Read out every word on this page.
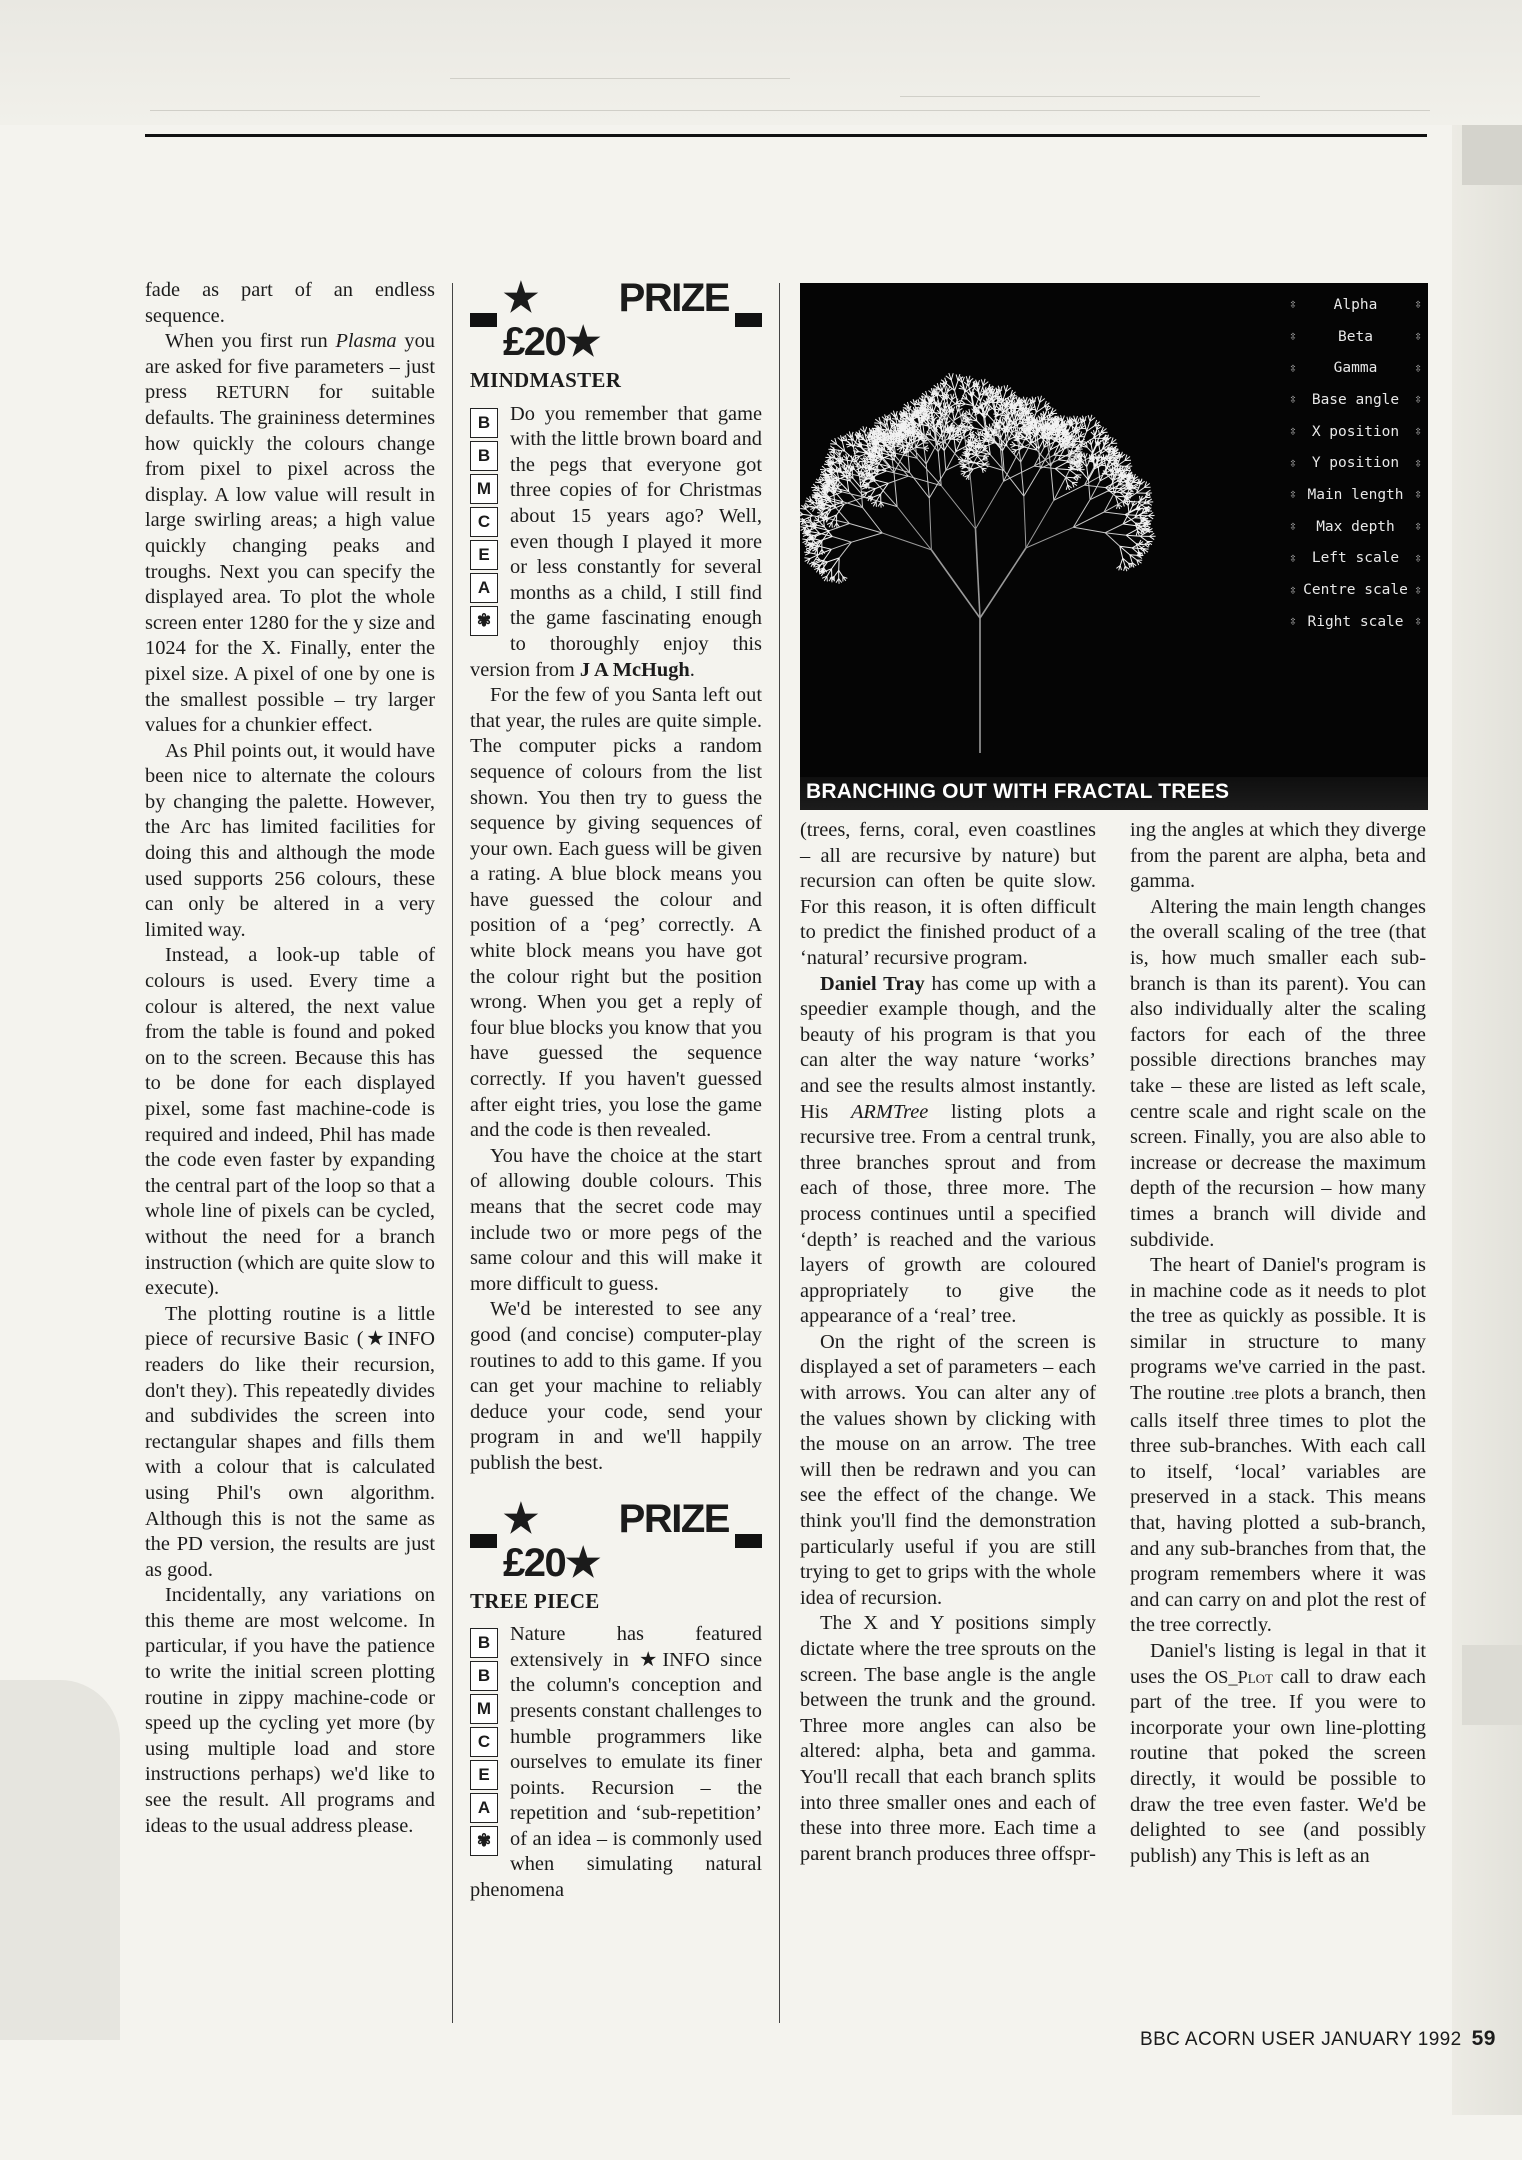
fade as part of an endless sequence.

When you first run Plasma you are asked for five parameters – just press RETURN for suitable defaults. The graininess determines how quickly the colours change from pixel to pixel across the display. A low value will result in large swirling areas; a high value quickly changing peaks and troughs. Next you can specify the displayed area. To plot the whole screen enter 1280 for the y size and 1024 for the X. Finally, enter the pixel size. A pixel of one by one is the smallest possible – try larger values for a chunkier effect.

As Phil points out, it would have been nice to alternate the colours by changing the palette. However, the Arc has limited facilities for doing this and although the mode used supports 256 colours, these can only be altered in a very limited way.

Instead, a look-up table of colours is used. Every time a colour is altered, the next value from the table is found and poked on to the screen. Because this has to be done for each displayed pixel, some fast machine-code is required and indeed, Phil has made the code even faster by expanding the central part of the loop so that a whole line of pixels can be cycled, without the need for a branch instruction (which are quite slow to execute).

The plotting routine is a little piece of recursive Basic (★INFO readers do like their recursion, don't they). This repeatedly divides and subdivides the screen into rectangular shapes and fills them with a colour that is calculated using Phil's own algorithm. Although this is not the same as the PD version, the results are just as good.

Incidentally, any variations on this theme are most welcome. In particular, if you have the patience to write the initial screen plotting routine in zippy machine-code or speed up the cycling yet more (by using multiple load and store instructions perhaps) we'd like to see the result. All programs and ideas to the usual address please.

★PRIZE £20★
MINDMASTER
B
B
M
C
E
A
✾

Do you remember that game with the little brown board and the pegs that everyone got three copies of for Christmas about 15 years ago? Well, even though I played it more or less constantly for several months as a child, I still find the game fascinating enough to thoroughly enjoy this version from J A McHugh.

For the few of you Santa left out that year, the rules are quite simple. The computer picks a random sequence of colours from the list shown. You then try to guess the sequence by giving sequences of your own. Each guess will be given a rating. A blue block means you have guessed the colour and position of a ‘peg’ correctly. A white block means you have got the colour right but the position wrong. When you get a reply of four blue blocks you know that you have guessed the sequence correctly. If you haven't guessed after eight tries, you lose the game and the code is then revealed.

You have the choice at the start of allowing double colours. This means that the secret code may include two or more pegs of the same colour and this will make it more difficult to guess.

We'd be interested to see any good (and concise) computer-play routines to add to this game. If you can get your machine to reliably deduce your code, send your program in and we'll happily publish the best.

★PRIZE £20★
TREE PIECE
B
B
M
C
E
A
✾

Nature has featured extensively in ★INFO since the column's conception and presents constant challenges to humble programmers like ourselves to emulate its finer points. Recursion – the repetition and ‘sub-repetition’ of an idea – is commonly used when simulating natural phenomena

⇳	Alpha	⇳
⇳	Beta	⇳
⇳	Gamma	⇳
⇳ Base angle ⇳
⇳ X position ⇳
⇳ Y position ⇳
⇳ Main length ⇳
⇳ Max depth ⇳
⇳ Left scale ⇳
⇳ Centre scale ⇳
⇳ Right scale ⇳
BRANCHING OUT WITH FRACTAL TREES

(trees, ferns, coral, even coastlines – all are recursive by nature) but recursion can often be quite slow. For this reason, it is often difficult to predict the finished product of a ‘natural’ recursive program.

Daniel Tray has come up with a speedier example though, and the beauty of his program is that you can alter the way nature ‘works’ and see the results almost instantly. His ARMTree listing plots a recursive tree. From a central trunk, three branches sprout and from each of those, three more. The process continues until a specified ‘depth’ is reached and the various layers of growth are coloured appropriately to give the appearance of a ‘real’ tree.

On the right of the screen is displayed a set of parameters – each with arrows. You can alter any of the values shown by clicking with the mouse on an arrow. The tree will then be redrawn and you can see the effect of the change. We think you'll find the demonstration particularly useful if you are still trying to get to grips with the whole idea of recursion.

The X and Y positions simply dictate where the tree sprouts on the screen. The base angle is the angle between the trunk and the ground. Three more angles can also be altered: alpha, beta and gamma. You'll recall that each branch splits into three smaller ones and each of these into three more. Each time a parent branch produces three offspr-

ing the angles at which they diverge from the parent are alpha, beta and gamma.

Altering the main length changes the overall scaling of the tree (that is, how much smaller each sub-branch is than its parent). You can also individually alter the scaling factors for each of the three possible directions branches may take – these are listed as left scale, centre scale and right scale on the screen. Finally, you are also able to increase or decrease the maximum depth of the recursion – how many times a branch will divide and subdivide.

The heart of Daniel's program is in machine code as it needs to plot the tree as quickly as possible. It is similar in structure to many programs we've carried in the past. The routine .tree plots a branch, then calls itself three times to plot the three sub-branches. With each call to itself, ‘local’ variables are preserved in a stack. This means that, having plotted a sub-branch, and any sub-branches from that, the program remembers where it was and can carry on and plot the rest of the tree correctly.

Daniel's listing is legal in that it uses the OS_Plot call to draw each part of the tree. If you were to incorporate your own line-plotting routine that poked the screen directly, it would be possible to draw the tree even faster. We'd be delighted to see (and possibly publish) any This is left as an

BBC ACORN USER JANUARY 1992 59
